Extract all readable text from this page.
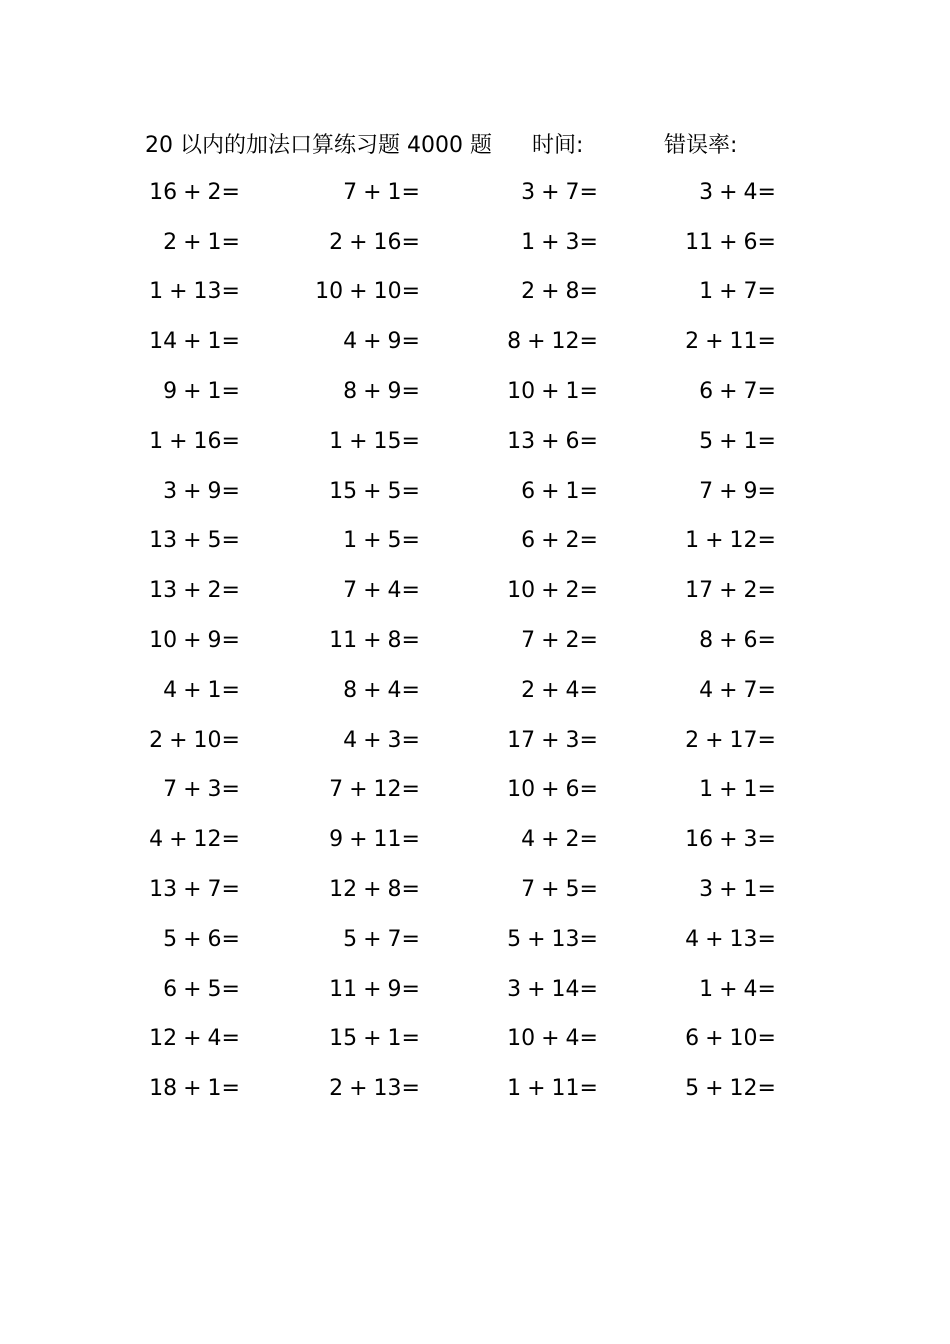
20 以内的加法口算练习题 4000 题 时间:	错误率:
16 + 2=	7 + 1=	3 + 7=	3 + 4=
2 + 1=	2 + 16=	1 + 3=	11 + 6=
1 + 13=	10 + 10=	2 + 8=	1 + 7=
14 + 1=	4 + 9=	8 + 12=	2 + 11=
9 + 1=	8 + 9=	10 + 1=	6 + 7=
1 + 16=	1 + 15=	13 + 6=	5 + 1=
3 + 9=	15 + 5=	6 + 1=	7 + 9=
13 + 5=	1 + 5=	6 + 2=	1 + 12=
13 + 2=	7 + 4=	10 + 2=	17 + 2=
10 + 9=	11 + 8=	7 + 2=	8 + 6=
4 + 1=	8 + 4=	2 + 4=	4 + 7=
2 + 10=	4 + 3=	17 + 3=	2 + 17=
7 + 3=	7 + 12=	10 + 6=	1 + 1=
4 + 12=	9 + 11=	4 + 2=	16 + 3=
13 + 7=	12 + 8=	7 + 5=	3 + 1=
5 + 6=	5 + 7=	5 + 13=	4 + 13=
6 + 5=	11 + 9=	3 + 14=	1 + 4=
12 + 4=	15 + 1=	10 + 4=	6 + 10=
18 + 1=	2 + 13=	1 + 11=	5 + 12=
